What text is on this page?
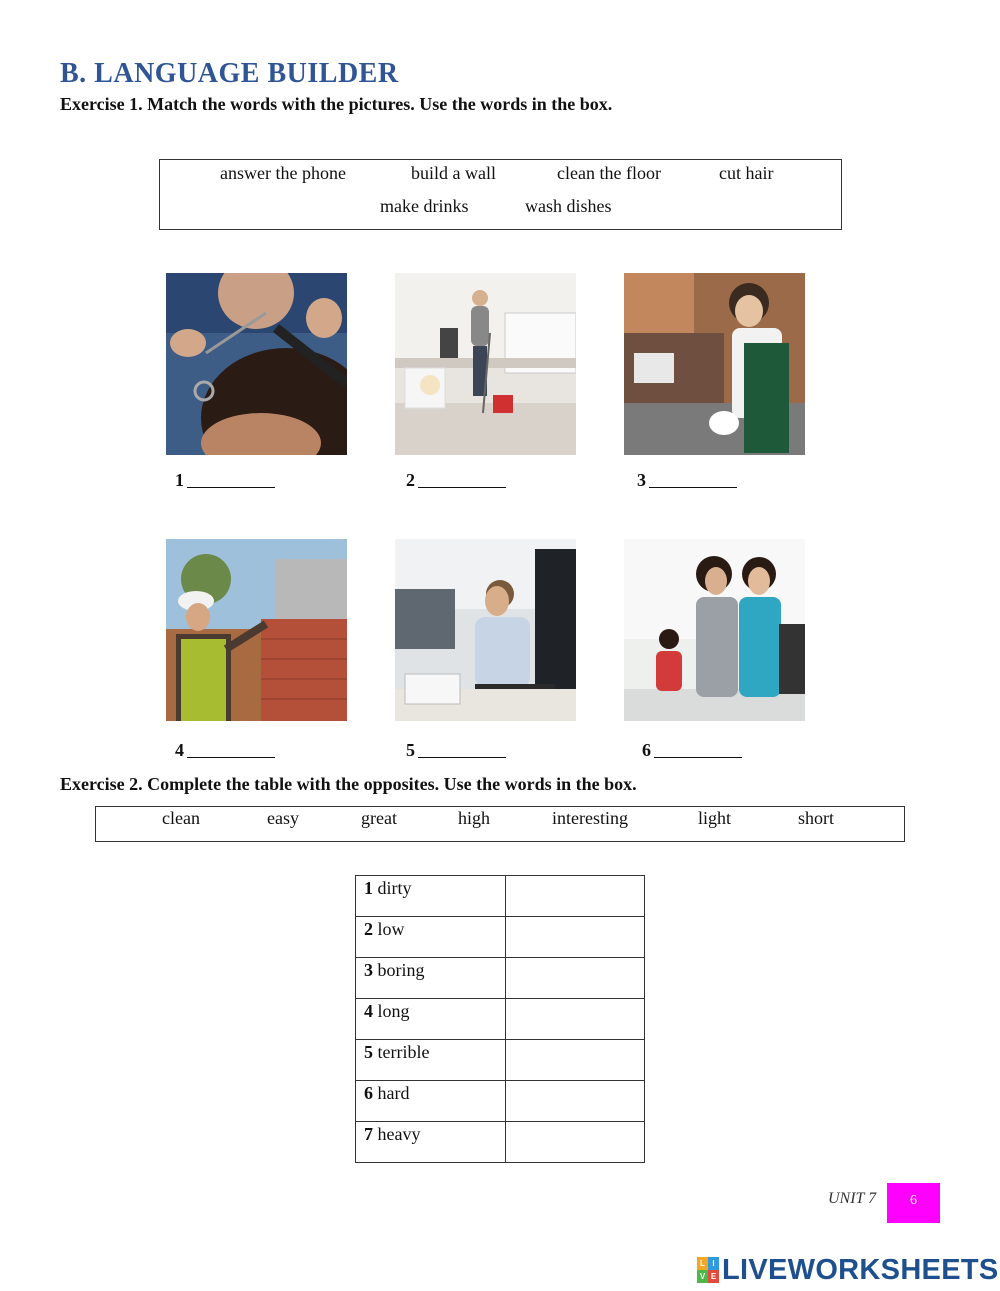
B. LANGUAGE BUILDER
Exercise 1. Match the words with the pictures. Use the words in the box.
answer the phone	build a wall	clean the floor	cut hair
make drinks	wash dishes
1	2	3
4	5	6
Exercise 2. Complete the table with the opposites. Use the words in the box.
clean	easy	great	high	interesting	light	short
1 dirty	
2 low	
3 boring	
4 long	
5 terrible	
6 hard	
7 heavy	
UNIT 7	6
L I
V E LIVEWORKSHEETS
